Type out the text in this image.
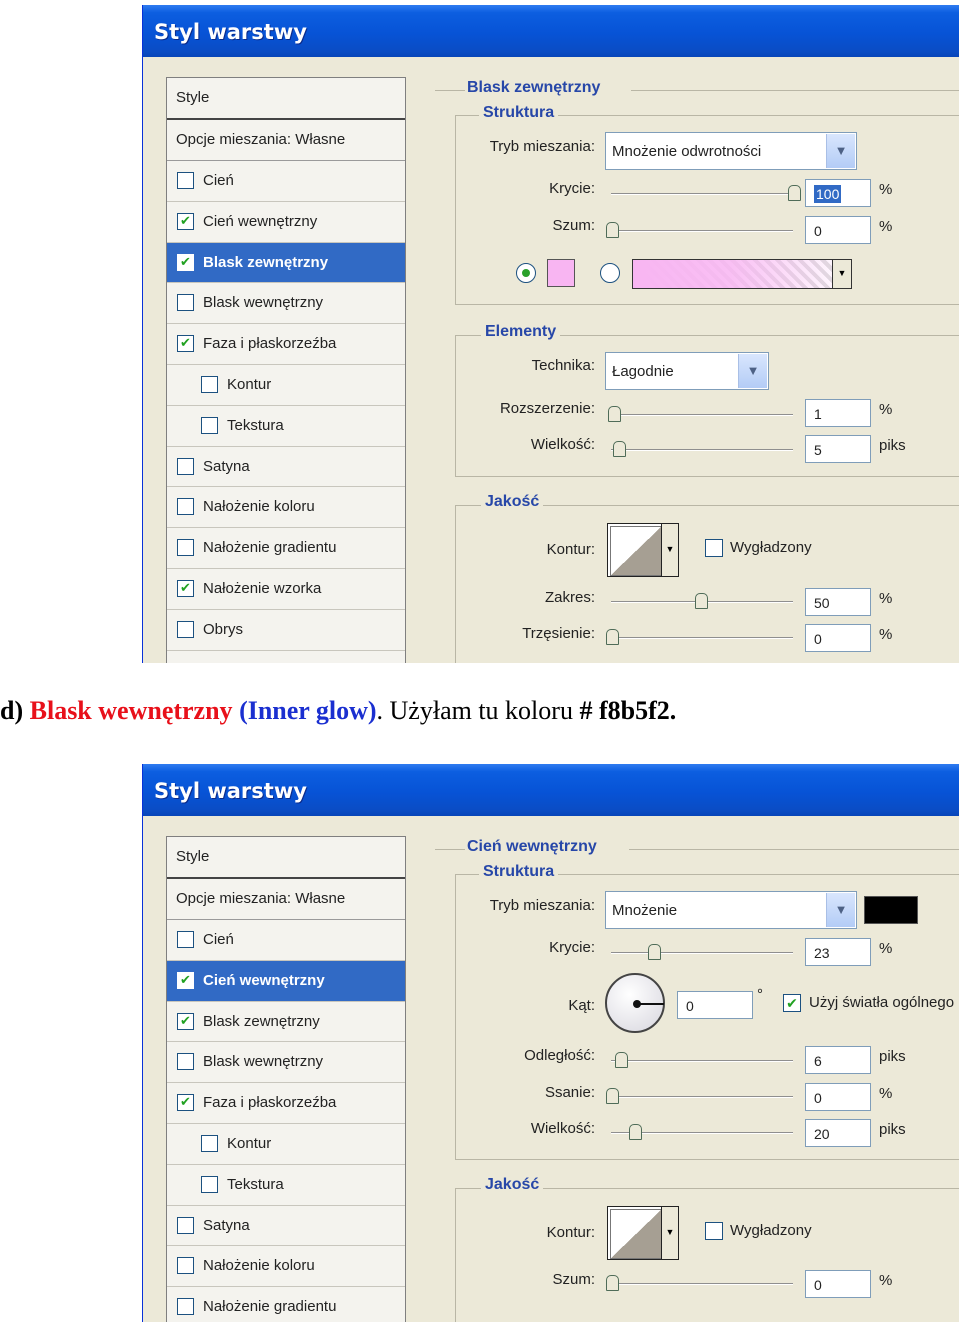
Styl warstwy
Style
Opcje mieszania: Własne
Cień
✔ Cień wewnętrzny
✔ Blask zewnętrzny
Blask wewnętrzny
✔ Faza i płaskorzeźba
Kontur
Tekstura
Satyna
Nałożenie koloru
Nałożenie gradientu
✔ Nałożenie wzorka
Obrys
Blask zewnętrzny
Struktura
Tryb mieszania:	Mnożenie odwrotności	▼
Krycie:	100	%
Szum:	0	%
▼
Elementy
Technika:	Łagodnie	▼
Rozszerzenie:	1	%
Wielkość:	5	piks
Jakość
Kontur:	▼	Wygładzony
Zakres:	50	%
Trzęsienie:	0	%
d) Blask wewnętrzny (Inner glow). Użyłam tu koloru # f8b5f2.
Styl warstwy
Style
Opcje mieszania: Własne
Cień
✔ Cień wewnętrzny
✔ Blask zewnętrzny
Blask wewnętrzny
✔ Faza i płaskorzeźba
Kontur
Tekstura
Satyna
Nałożenie koloru
Nałożenie gradientu
Cień wewnętrzny
Struktura
Tryb mieszania:	Mnożenie	▼
Krycie:	23	%
Kąt:	0
° ✔ Użyj światła ogólnego
Odległość:	6	piks
Ssanie:	0	%
Wielkość:	20	piks
Jakość
Kontur:	▼	Wygładzony
Szum:	0	%
